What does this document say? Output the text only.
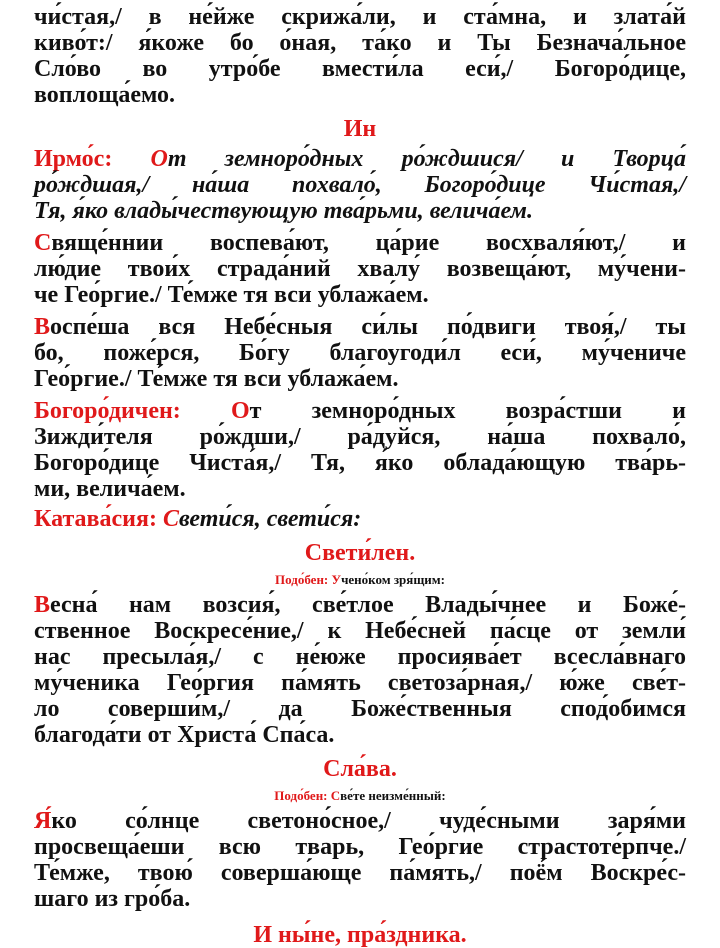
чи́стая,/ в не́йже скрижа́ли, и ста́мна, и злата́й
киво́т:/ я́коже бо о́ная, та́ко и Ты Безнача́льное
Сло́во во утро́бе вмести́ла еси́,/ Богоро́дице,
воплоща́емо.
Ин
Ирмо́с: От земноро́дных ро́ждшися/ и Творца́
ро́ждшая,/ на́ша похвало́, Богоро́дице Чи́стая,/
Тя, я́ко влады́чествующую тва́рьми, велича́ем.
Свяще́ннии воспева́ют, ца́рие восхваля́ют,/ и
лю́дие твои́х страда́ний хвалу́ возвеща́ют, му́чени-
че Гео́ргие./ Те́мже тя вси ублажа́ем.
Воспе́ша вся Небе́сныя си́лы по́двиги твоя́,/ ты
бо, поже́рся, Бо́гу благоугоди́л еси́, му́чениче
Гео́ргие./ Те́мже тя вси ублажа́ем.
Богоро́дичен: От земноро́дных возра́стши и
Зижди́теля ро́ждши,/ ра́дуйся, на́ша похвало́,
Богоро́дице Чиста́я,/ Тя, я́ко облада́ющую тва́рь-
ми, велича́ем.
Катава́сия: Свети́ся, свети́ся:
Свети́лен.
Подо́бен: Учено́ком зря́щим:
Весна́ нам возсия́, све́тлое Влады́чнее и Боже́-
ственное Воскресе́ние,/ к Небе́сней па́сце от земли́
нас пресыла́я,/ с не́юже просиява́ет всесла́внаго
му́ченика Гео́ргия па́мять светоза́рная,/ ю́же све́т-
ло соверши́м,/ да Боже́ственныя спод́обимся
благода́ти от Христа́ Спа́са.
Сла́ва.
Подо́бен: Све́те неизме́нный:
Я́ко со́лнце светоно́сное,/ чуде́сными заря́ми
просвеща́еши всю тварь, Гео́ргие страстоте́рпче./
Те́мже, твою́ соверша́юще па́мять,/ поё́м Воскре́с-
шаго из гро́ба.
И ны́не, пра́здника.
